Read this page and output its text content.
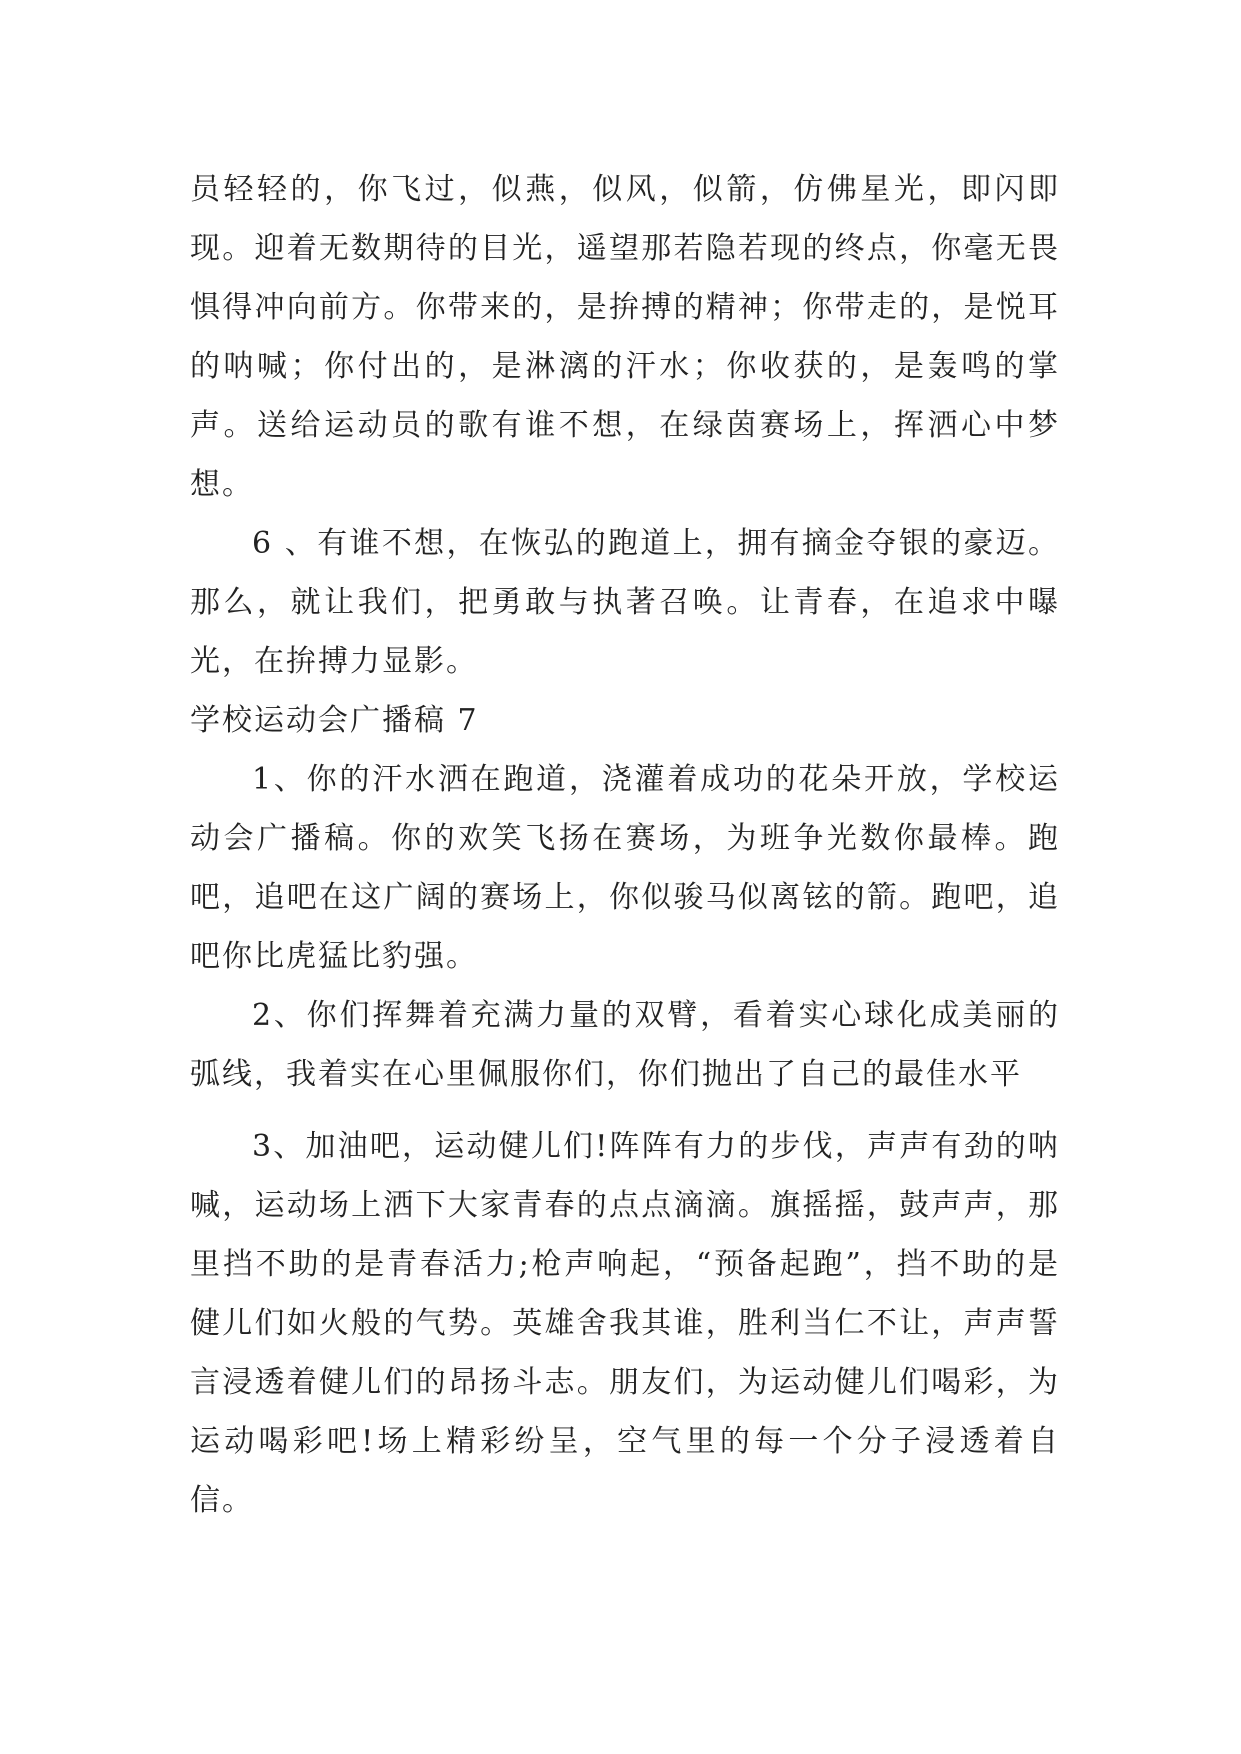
员轻轻的，你飞过，似燕，似风，似箭，仿佛星光，即闪即现。迎着无数期待的目光，遥望那若隐若现的终点，你毫无畏惧得冲向前方。你带来的，是拚搏的精神；你带走的，是悦耳的呐喊；你付出的，是淋漓的汗水；你收获的，是轰鸣的掌声。送给运动员的歌有谁不想，在绿茵赛场上，挥洒心中梦想。

6 、有谁不想，在恢弘的跑道上，拥有摘金夺银的豪迈。那么，就让我们，把勇敢与执著召唤。让青春，在追求中曝光，在拚搏力显影。

学校运动会广播稿 7

1、你的汗水洒在跑道，浇灌着成功的花朵开放，学校运动会广播稿。你的欢笑飞扬在赛场，为班争光数你最棒。跑吧，追吧在这广阔的赛场上，你似骏马似离铉的箭。跑吧，追吧你比虎猛比豹强。

2、你们挥舞着充满力量的双臂，看着实心球化成美丽的弧线，我着实在心里佩服你们，你们抛出了自己的最佳水平

3、加油吧，运动健儿们!阵阵有力的步伐，声声有劲的呐喊，运动场上洒下大家青春的点点滴滴。旗摇摇，鼓声声，那里挡不助的是青春活力;枪声响起，“预备起跑”，挡不助的是健儿们如火般的气势。英雄舍我其谁，胜利当仁不让，声声誓言浸透着健儿们的昂扬斗志。朋友们，为运动健儿们喝彩，为运动喝彩吧!场上精彩纷呈，空气里的每一个分子浸透着自信。
